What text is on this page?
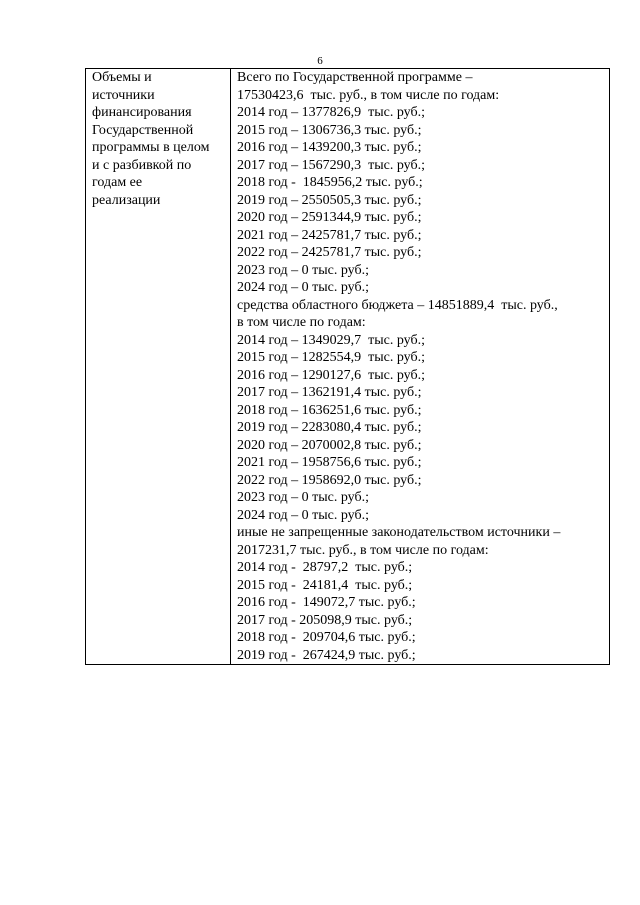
6
Объемы и
источники
финансирования
Государственной
программы в целом
и с разбивкой по
годам ее
реализации

Всего по Государственной программе –
17530423,6  тыс. руб., в том числе по годам:
2014 год – 1377826,9  тыс. руб.;
2015 год – 1306736,3 тыс. руб.;
2016 год – 1439200,3 тыс. руб.;
2017 год – 1567290,3  тыс. руб.;
2018 год -  1845956,2 тыс. руб.;
2019 год – 2550505,3 тыс. руб.;
2020 год – 2591344,9 тыс. руб.;
2021 год – 2425781,7 тыс. руб.;
2022 год – 2425781,7 тыс. руб.;
2023 год – 0 тыс. руб.;
2024 год – 0 тыс. руб.;
средства областного бюджета – 14851889,4  тыс. руб.,
в том числе по годам:
2014 год – 1349029,7  тыс. руб.;
2015 год – 1282554,9  тыс. руб.;
2016 год – 1290127,6  тыс. руб.;
2017 год – 1362191,4 тыс. руб.;
2018 год – 1636251,6 тыс. руб.;
2019 год – 2283080,4 тыс. руб.;
2020 год – 2070002,8 тыс. руб.;
2021 год – 1958756,6 тыс. руб.;
2022 год – 1958692,0 тыс. руб.;
2023 год – 0 тыс. руб.;
2024 год – 0 тыс. руб.;
иные не запрещенные законодательством источники –
2017231,7 тыс. руб., в том числе по годам:
2014 год -  28797,2  тыс. руб.;
2015 год -  24181,4  тыс. руб.;
2016 год -  149072,7 тыс. руб.;
2017 год - 205098,9 тыс. руб.;
2018 год -  209704,6 тыс. руб.;
2019 год -  267424,9 тыс. руб.;
